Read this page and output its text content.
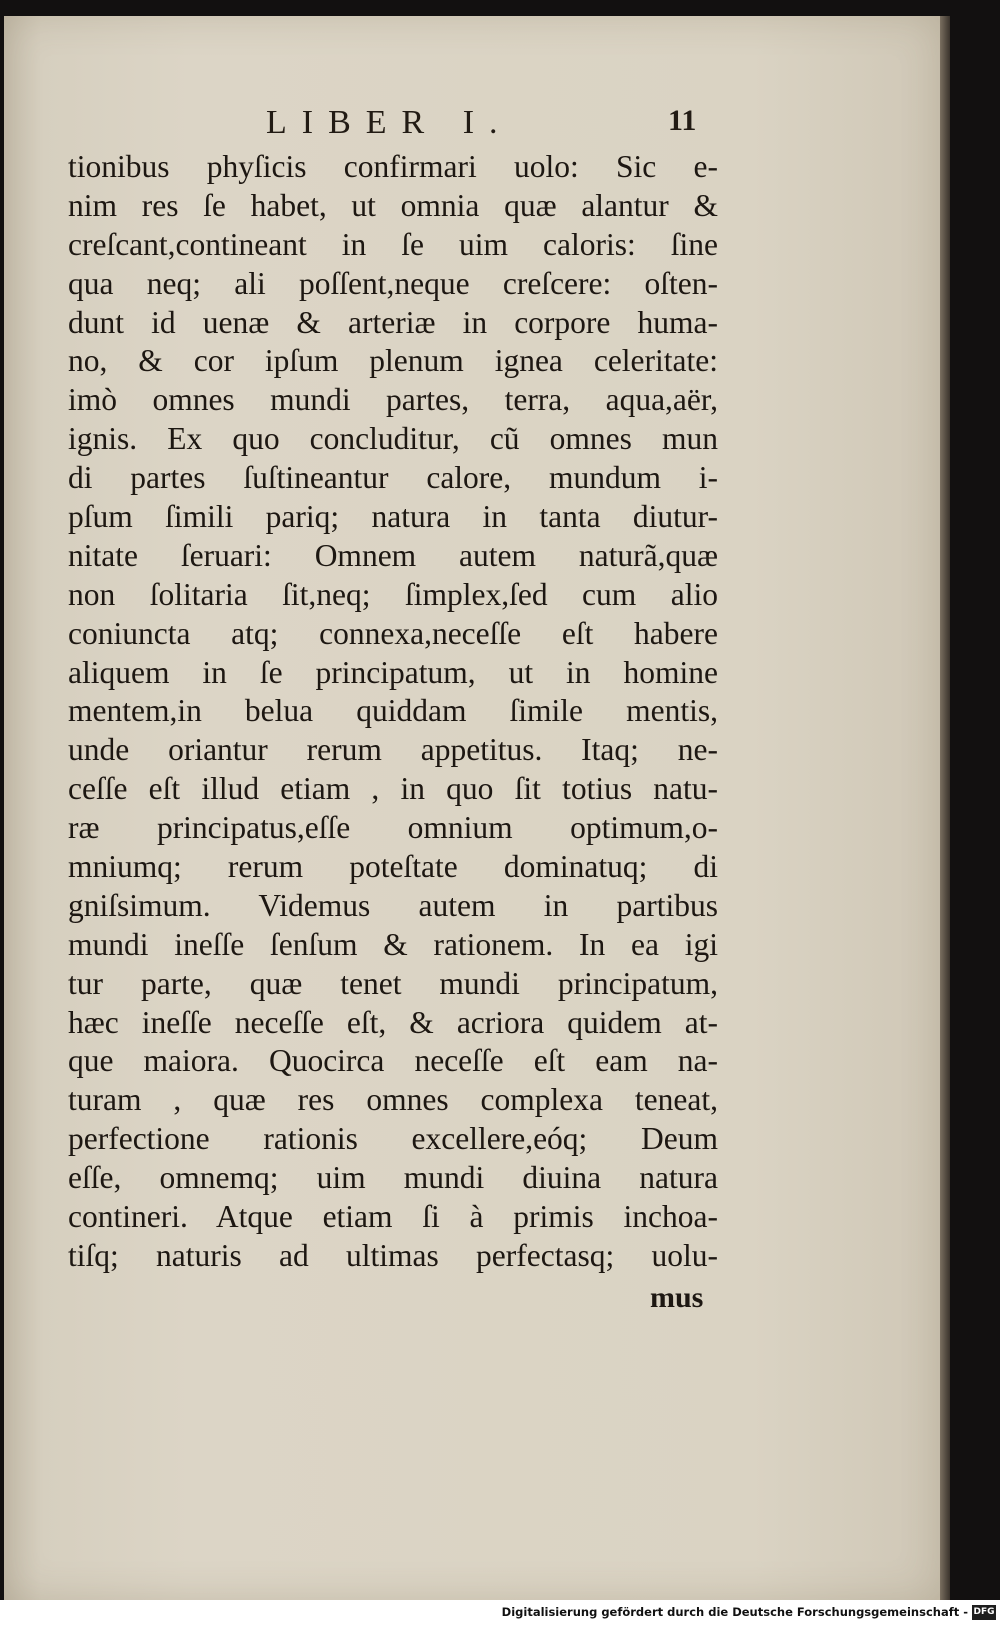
LIBER I.	11
tionibus phyſicis confirmari uolo: Sic e-
nim res ſe habet, ut omnia quæ alantur &
creſcant,contineant in ſe uim caloris: ſine
qua neq; ali poſſent,neque creſcere: oſten-
dunt id uenæ & arteriæ in corpore huma-
no, & cor ipſum plenum ignea celeritate:
imò omnes mundi partes, terra, aqua,aër,
ignis. Ex quo concluditur, cũ omnes mun
di partes ſuſtineantur calore, mundum i-
pſum ſimili pariq; natura in tanta diutur-
nitate ſeruari: Omnem autem naturã,quæ
non ſolitaria ſit,neq; ſimplex,ſed cum alio
coniuncta atq; connexa,neceſſe eſt habere
aliquem in ſe principatum, ut in homine
mentem,in belua quiddam ſimile mentis,
unde oriantur rerum appetitus. Itaq; ne-
ceſſe eſt illud etiam , in quo ſit totius natu-
ræ principatus,eſſe omnium optimum,o-
mniumq; rerum poteſtate dominatuq; di
gniſsimum. Videmus autem in partibus
mundi ineſſe ſenſum & rationem. In ea igi
tur parte, quæ tenet mundi principatum,
hæc ineſſe neceſſe eſt, & acriora quidem at-
que maiora. Quocirca neceſſe eſt eam na-
turam , quæ res omnes complexa teneat,
perfectione rationis excellere,eóq; Deum
eſſe, omnemq; uim mundi diuina natura
contineri. Atque etiam ſi à primis inchoa-
tiſq; naturis ad ultimas perfectasq; uolu-
mus
Digitalisierung gefördert durch die Deutsche Forschungsgemeinschaft - DFG
